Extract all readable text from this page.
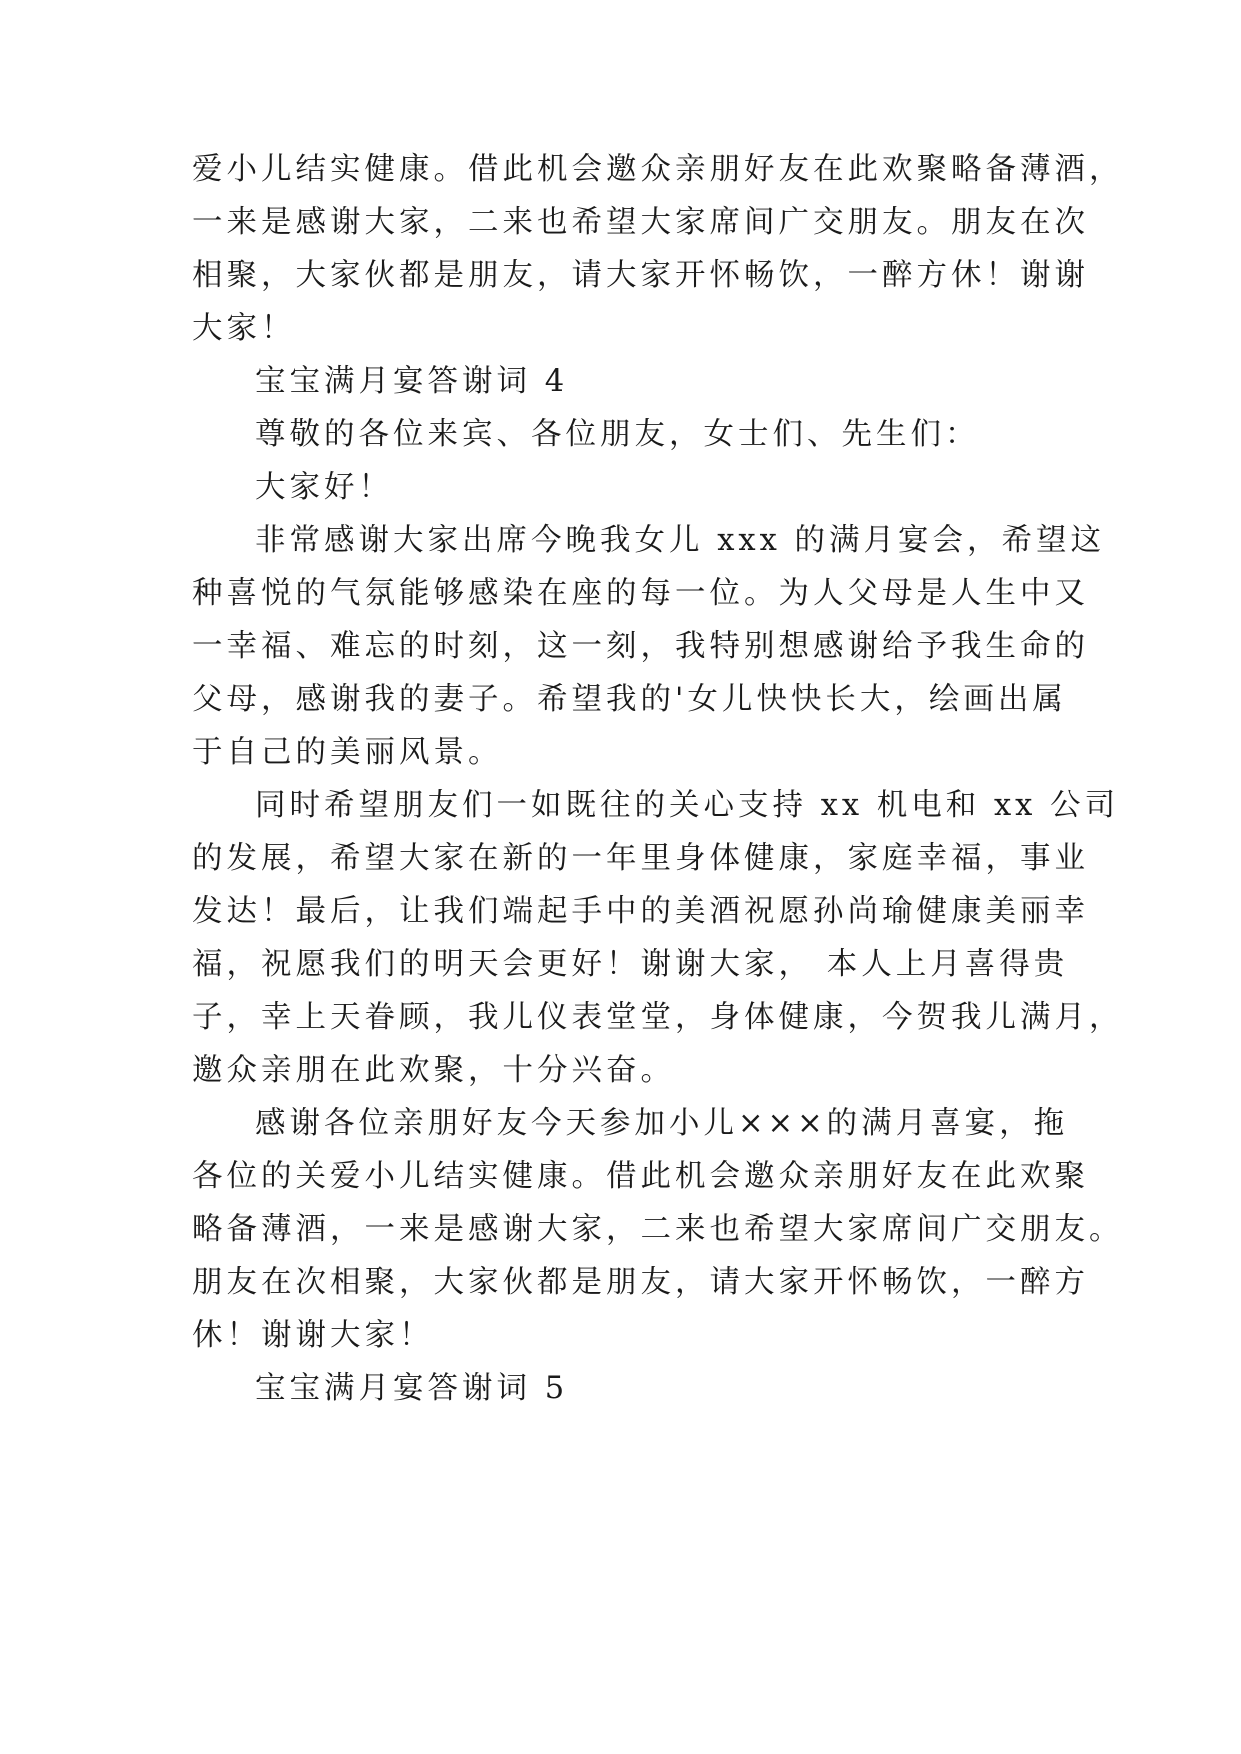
爱小儿结实健康。借此机会邀众亲朋好友在此欢聚略备薄酒，
一来是感谢大家，二来也希望大家席间广交朋友。朋友在次
相聚，大家伙都是朋友，请大家开怀畅饮，一醉方休！谢谢
大家！
宝宝满月宴答谢词 4
尊敬的各位来宾、各位朋友，女士们、先生们：
大家好！
非常感谢大家出席今晚我女儿 xxx 的满月宴会，希望这
种喜悦的气氛能够感染在座的每一位。为人父母是人生中又
一幸福、难忘的时刻，这一刻，我特别想感谢给予我生命的
父母，感谢我的妻子。希望我的'女儿快快长大，绘画出属
于自己的美丽风景。
同时希望朋友们一如既往的关心支持 xx 机电和 xx 公司
的发展，希望大家在新的一年里身体健康，家庭幸福，事业
发达！最后，让我们端起手中的美酒祝愿孙尚瑜健康美丽幸
福，祝愿我们的明天会更好！谢谢大家， 本人上月喜得贵
子，幸上天眷顾，我儿仪表堂堂，身体健康，今贺我儿满月，
邀众亲朋在此欢聚，十分兴奋。
感谢各位亲朋好友今天参加小儿×××的满月喜宴，拖
各位的关爱小儿结实健康。借此机会邀众亲朋好友在此欢聚
略备薄酒，一来是感谢大家，二来也希望大家席间广交朋友。
朋友在次相聚，大家伙都是朋友，请大家开怀畅饮，一醉方
休！谢谢大家！
宝宝满月宴答谢词 5
